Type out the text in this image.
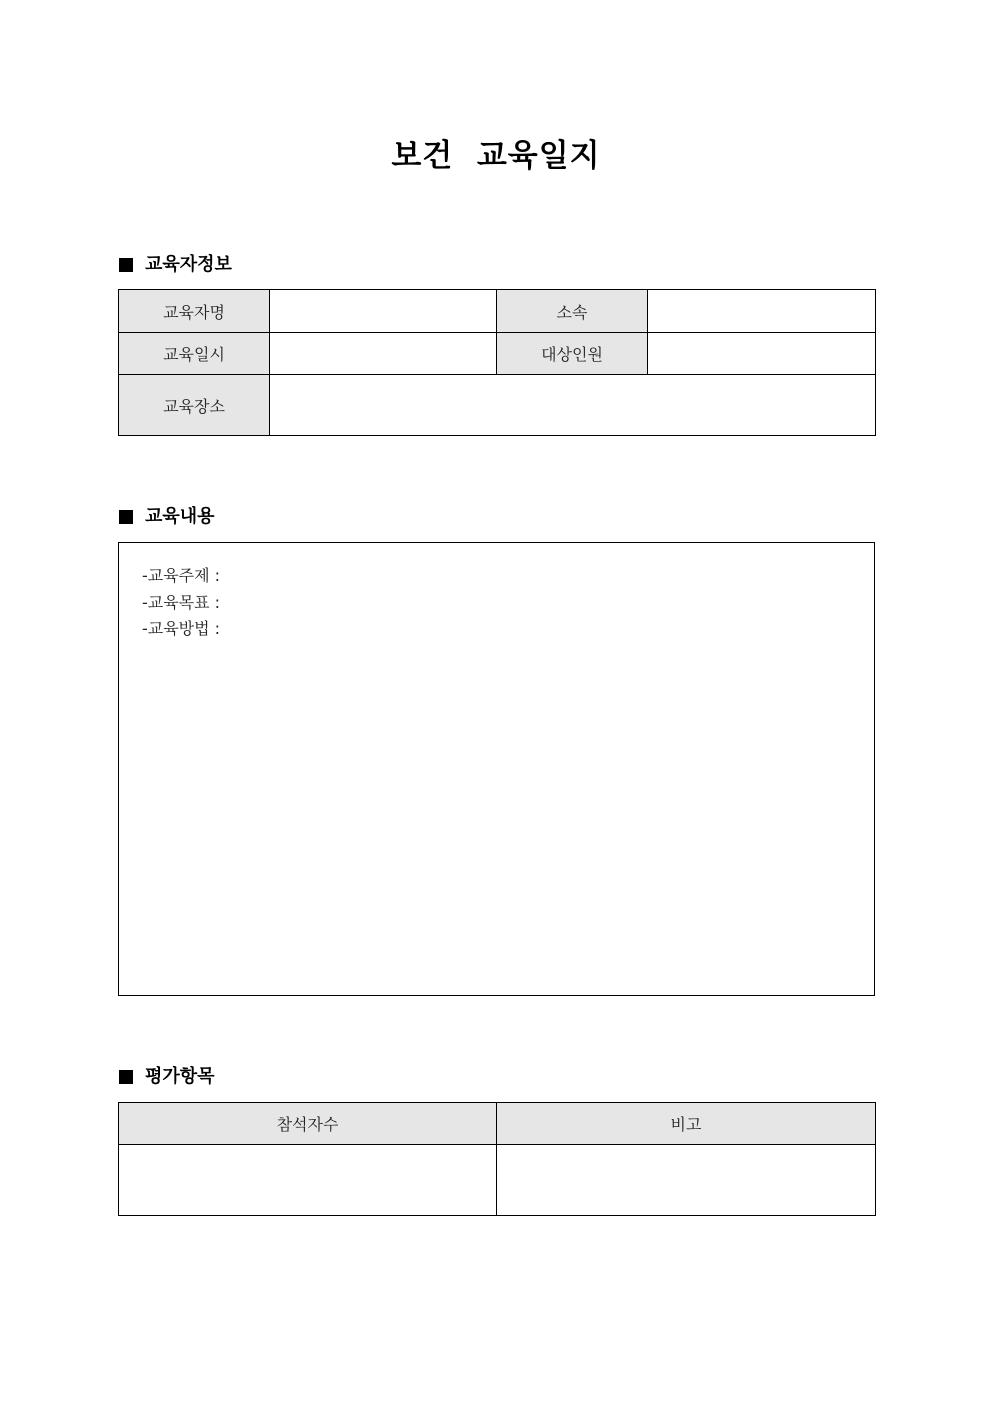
보건  교육일지
교육자정보
교육자명		소속	
교육일시		대상인원	
교육장소			
교육내용
-교육주제 :
-교육목표 :
-교육방법 :
평가항목
참석자수	비고
